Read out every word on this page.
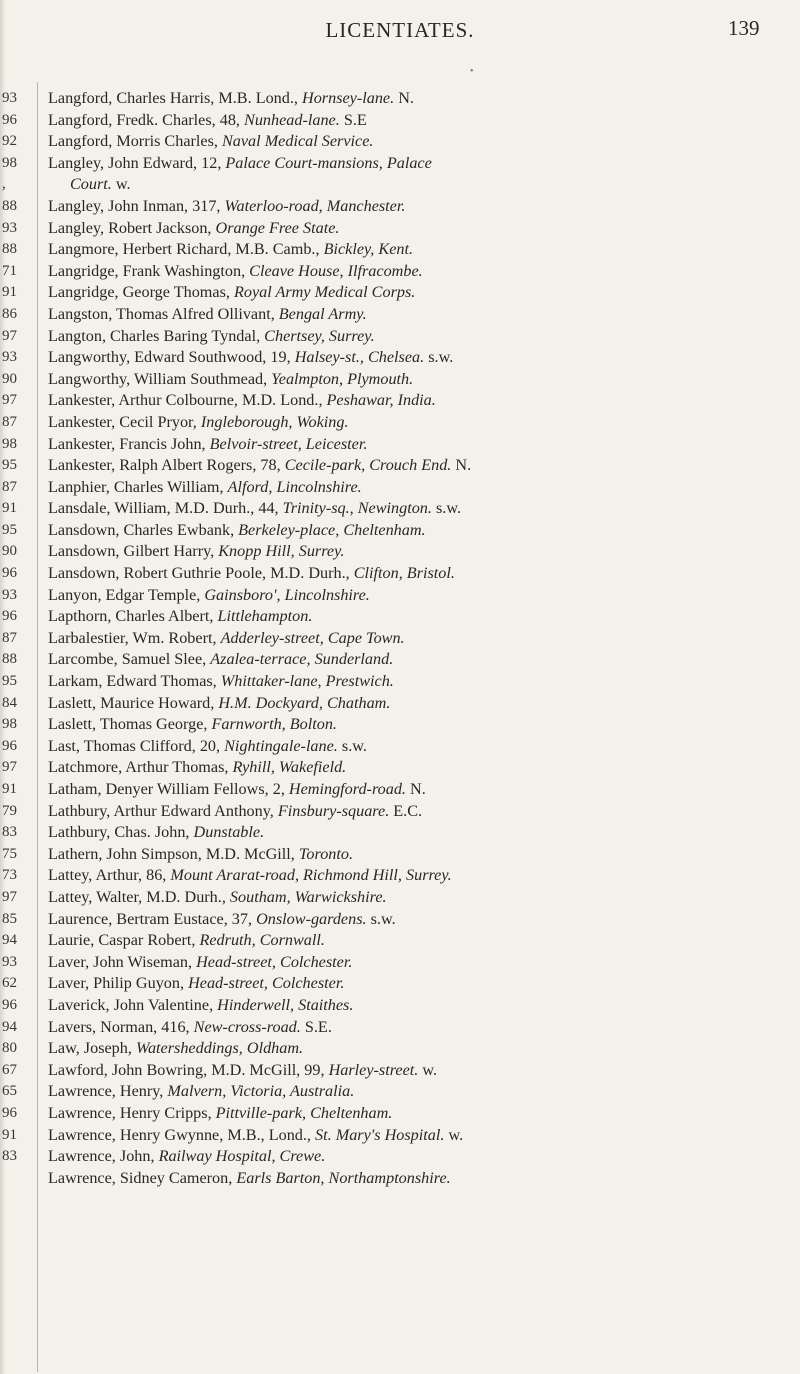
LICENTIATES.	139
•
93
96
92
98
,
88
93
88
71
91
86
97
93
90
97
87
98
95
87
91
95
90
96
93
96
87
88
95
84
98
96
97
91
79
83
75
73
97
85
94
93
62
96
94
80
67
65
96
91
83
Langford, Charles Harris, M.B. Lond., Hornsey-lane. N.
Langford, Fredk. Charles, 48, Nunhead-lane. S.E
Langford, Morris Charles, Naval Medical Service.
Langley, John Edward, 12, Palace Court-mansions, Palace
Court. w.
Langley, John Inman, 317, Waterloo-road, Manchester.
Langley, Robert Jackson, Orange Free State.
Langmore, Herbert Richard, M.B. Camb., Bickley, Kent.
Langridge, Frank Washington, Cleave House, Ilfracombe.
Langridge, George Thomas, Royal Army Medical Corps.
Langston, Thomas Alfred Ollivant, Bengal Army.
Langton, Charles Baring Tyndal, Chertsey, Surrey.
Langworthy, Edward Southwood, 19, Halsey-st., Chelsea. s.w.
Langworthy, William Southmead, Yealmpton, Plymouth.
Lankester, Arthur Colbourne, M.D. Lond., Peshawar, India.
Lankester, Cecil Pryor, Ingleborough, Woking.
Lankester, Francis John, Belvoir-street, Leicester.
Lankester, Ralph Albert Rogers, 78, Cecile-park, Crouch End. N.
Lanphier, Charles William, Alford, Lincolnshire.
Lansdale, William, M.D. Durh., 44, Trinity-sq., Newington. s.w.
Lansdown, Charles Ewbank, Berkeley-place, Cheltenham.
Lansdown, Gilbert Harry, Knopp Hill, Surrey.
Lansdown, Robert Guthrie Poole, M.D. Durh., Clifton, Bristol.
Lanyon, Edgar Temple, Gainsboro', Lincolnshire.
Lapthorn, Charles Albert, Littlehampton.
Larbalestier, Wm. Robert, Adderley-street, Cape Town.
Larcombe, Samuel Slee, Azalea-terrace, Sunderland.
Larkam, Edward Thomas, Whittaker-lane, Prestwich.
Laslett, Maurice Howard, H.M. Dockyard, Chatham.
Laslett, Thomas George, Farnworth, Bolton.
Last, Thomas Clifford, 20, Nightingale-lane. s.w.
Latchmore, Arthur Thomas, Ryhill, Wakefield.
Latham, Denyer William Fellows, 2, Hemingford-road. N.
Lathbury, Arthur Edward Anthony, Finsbury-square. E.C.
Lathbury, Chas. John, Dunstable.
Lathern, John Simpson, M.D. McGill, Toronto.
Lattey, Arthur, 86, Mount Ararat-road, Richmond Hill, Surrey.
Lattey, Walter, M.D. Durh., Southam, Warwickshire.
Laurence, Bertram Eustace, 37, Onslow-gardens. s.w.
Laurie, Caspar Robert, Redruth, Cornwall.
Laver, John Wiseman, Head-street, Colchester.
Laver, Philip Guyon, Head-street, Colchester.
Laverick, John Valentine, Hinderwell, Staithes.
Lavers, Norman, 416, New-cross-road. S.E.
Law, Joseph, Watersheddings, Oldham.
Lawford, John Bowring, M.D. McGill, 99, Harley-street. w.
Lawrence, Henry, Malvern, Victoria, Australia.
Lawrence, Henry Cripps, Pittville-park, Cheltenham.
Lawrence, Henry Gwynne, M.B., Lond., St. Mary's Hospital. w.
Lawrence, John, Railway Hospital, Crewe.
Lawrence, Sidney Cameron, Earls Barton, Northamptonshire.
